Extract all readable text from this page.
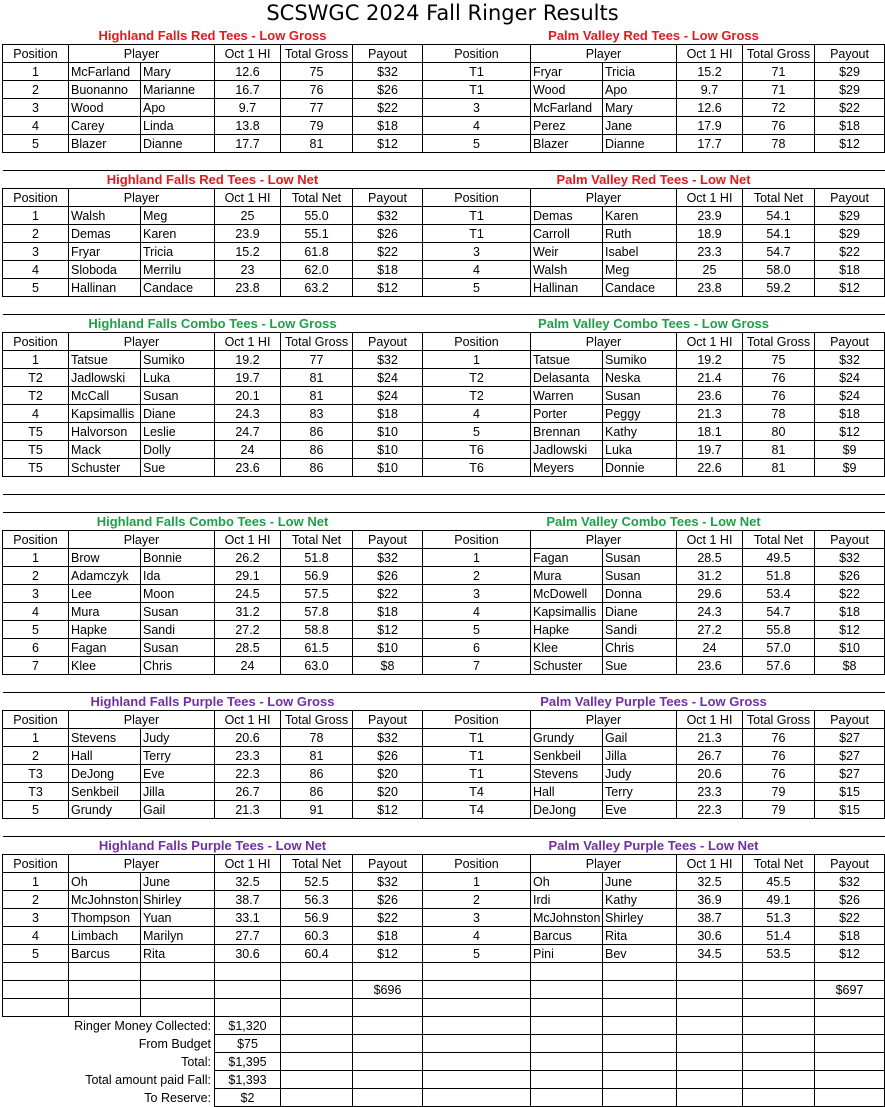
SCSWGC 2024 Fall Ringer Results
Highland Falls Red Tees - Low Gross					
Position	Player		Oct 1 HI	Total Gross	Payout
1	McFarland	Mary	12.6	75	$32
2	Buonanno	Marianne	16.7	76	$26
3	Wood	Apo	9.7	77	$22
4	Carey	Linda	13.8	79	$18
5	Blazer	Dianne	17.7	81	$12

Highland Falls Red Tees - Low Net					
Position	Player		Oct 1 HI	Total Net	Payout
1	Walsh	Meg	25	55.0	$32
2	Demas	Karen	23.9	55.1	$26
3	Fryar	Tricia	15.2	61.8	$22
4	Sloboda	Merrilu	23	62.0	$18
5	Hallinan	Candace	23.8	63.2	$12

Highland Falls Combo Tees - Low Gross					
Position	Player		Oct 1 HI	Total Gross	Payout
1	Tatsue	Sumiko	19.2	77	$32
T2	Jadlowski	Luka	19.7	81	$24
T2	McCall	Susan	20.1	81	$24
4	Kapsimallis	Diane	24.3	83	$18
T5	Halvorson	Leslie	24.7	86	$10
T5	Mack	Dolly	24	86	$10
T5	Schuster	Sue	23.6	86	$10

Highland Falls Combo Tees - Low Net					
Position	Player		Oct 1 HI	Total Net	Payout
1	Brow	Bonnie	26.2	51.8	$32
2	Adamczyk	Ida	29.1	56.9	$26
3	Lee	Moon	24.5	57.5	$22
4	Mura	Susan	31.2	57.8	$18
5	Hapke	Sandi	27.2	58.8	$12
6	Fagan	Susan	28.5	61.5	$10
7	Klee	Chris	24	63.0	$8

Highland Falls Purple Tees - Low Gross					
Position	Player		Oct 1 HI	Total Gross	Payout
1	Stevens	Judy	20.6	78	$32
2	Hall	Terry	23.3	81	$26
T3	DeJong	Eve	22.3	86	$20
T3	Senkbeil	Jilla	26.7	86	$20
5	Grundy	Gail	21.3	91	$12

Highland Falls Purple Tees - Low Net					
Position	Player		Oct 1 HI	Total Net	Payout
1	Oh	June	32.5	52.5	$32
2	McJohnston	Shirley	38.7	56.3	$26
3	Thompson	Yuan	33.1	56.9	$22
4	Limbach	Marilyn	27.7	60.3	$18
5	Barcus	Rita	30.6	60.4	$12

					$696

Ringer Money Collected:			$1,320		
From Budget			$75		
Total:			$1,395		
Total amount paid Fall:			$1,393		
To Reserve:			$2		
Palm Valley Red Tees - Low Gross					
Position	Player		Oct 1 HI	Total Gross	Payout
T1	Fryar	Tricia	15.2	71	$29
T1	Wood	Apo	9.7	71	$29
3	McFarland	Mary	12.6	72	$22
4	Perez	Jane	17.9	76	$18
5	Blazer	Dianne	17.7	78	$12

Palm Valley Red Tees - Low Net					
Position	Player		Oct 1 HI	Total Net	Payout
T1	Demas	Karen	23.9	54.1	$29
T1	Carroll	Ruth	18.9	54.1	$29
3	Weir	Isabel	23.3	54.7	$22
4	Walsh	Meg	25	58.0	$18
5	Hallinan	Candace	23.8	59.2	$12

Palm Valley Combo Tees - Low Gross					
Position	Player		Oct 1 HI	Total Gross	Payout
1	Tatsue	Sumiko	19.2	75	$32
T2	Delasanta	Neska	21.4	76	$24
T2	Warren	Susan	23.6	76	$24
4	Porter	Peggy	21.3	78	$18
5	Brennan	Kathy	18.1	80	$12
T6	Jadlowski	Luka	19.7	81	$9
T6	Meyers	Donnie	22.6	81	$9

Palm Valley Combo Tees - Low Net					
Position	Player		Oct 1 HI	Total Net	Payout
1	Fagan	Susan	28.5	49.5	$32
2	Mura	Susan	31.2	51.8	$26
3	McDowell	Donna	29.6	53.4	$22
4	Kapsimallis	Diane	24.3	54.7	$18
5	Hapke	Sandi	27.2	55.8	$12
6	Klee	Chris	24	57.0	$10
7	Schuster	Sue	23.6	57.6	$8

Palm Valley Purple Tees - Low Gross					
Position	Player		Oct 1 HI	Total Gross	Payout
T1	Grundy	Gail	21.3	76	$27
T1	Senkbeil	Jilla	26.7	76	$27
T1	Stevens	Judy	20.6	76	$27
T4	Hall	Terry	23.3	79	$15
T4	DeJong	Eve	22.3	79	$15

Palm Valley Purple Tees - Low Net					
Position	Player		Oct 1 HI	Total Net	Payout
1	Oh	June	32.5	45.5	$32
2	Irdi	Kathy	36.9	49.1	$26
3	McJohnston	Shirley	38.7	51.3	$22
4	Barcus	Rita	30.6	51.4	$18
5	Pini	Bev	34.5	53.5	$12

					$697
